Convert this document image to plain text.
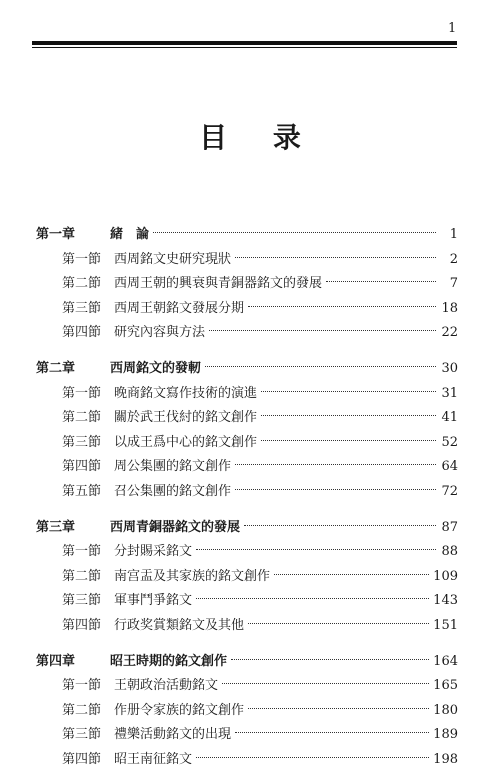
1
目 录
第一章	緒　論	1
第一節 西周銘文史研究現狀	2
第二節 西周王朝的興衰與青銅器銘文的發展	7
第三節 西周王朝銘文發展分期	18
第四節 研究內容與方法	22
第二章	西周銘文的發軔	30
第一節 晚商銘文寫作技術的演進	31
第二節 關於武王伐紂的銘文創作	41
第三節 以成王爲中心的銘文創作	52
第四節 周公集團的銘文創作	64
第五節 召公集團的銘文創作	72
第三章	西周青銅器銘文的發展	87
第一節 分封賜采銘文	88
第二節 南宫盂及其家族的銘文創作	109
第三節 軍事鬥爭銘文	143
第四節 行政奖賞類銘文及其他	151
第四章	昭王時期的銘文創作	164
第一節 王朝政治活動銘文	165
第二節 作册令家族的銘文創作	180
第三節 禮樂活動銘文的出現	189
第四節 昭王南征銘文	198
